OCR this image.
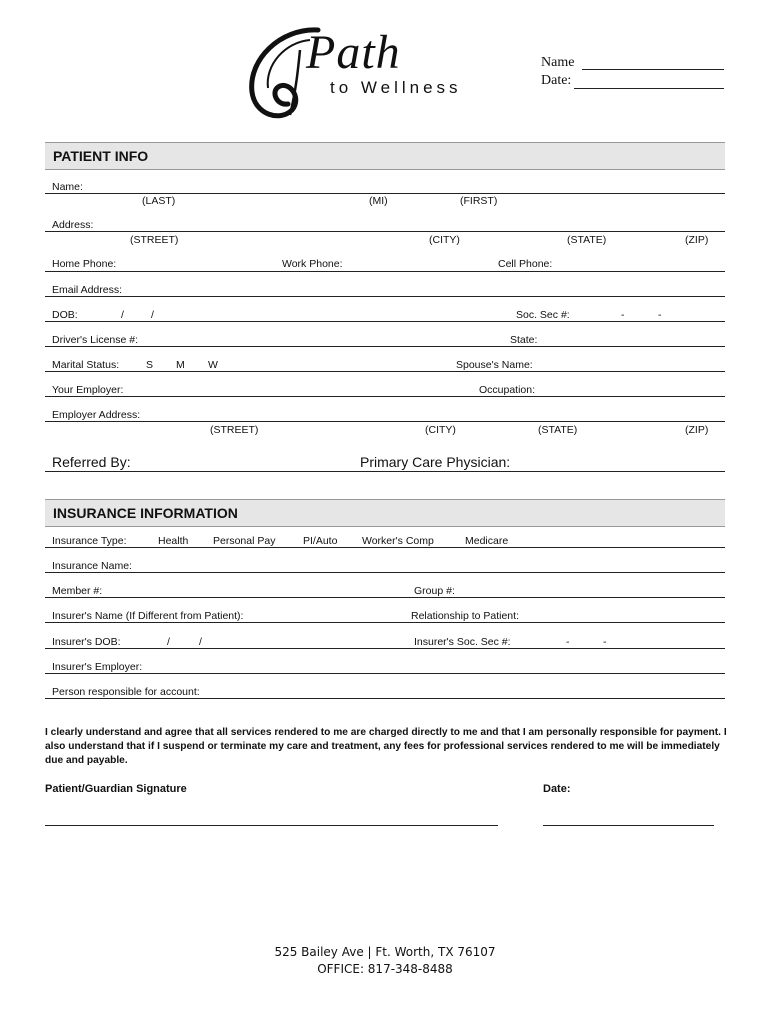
Path
to Wellness
Name
Date:
PATIENT INFO
Name:
(LAST)	(MI)	(FIRST)
Address:
(STREET)	(CITY)	(STATE)	(ZIP)
Home Phone:	Work Phone:	Cell Phone:
Email Address:
DOB:	/	/	Soc. Sec #:	-	-
Driver's License #:	State:
Marital Status:	S M W	Spouse's Name:
Your Employer:	Occupation:
Employer Address:
(STREET)	(CITY)	(STATE)	(ZIP)
Referred By:	Primary Care Physician:
INSURANCE INFORMATION
Insurance Type:	Health Personal Pay	PI/Auto Worker's Comp	Medicare
Insurance Name:
Member #:	Group #:
Insurer's Name (If Different from Patient):	Relationship to Patient:
Insurer's DOB:	/	/	Insurer's Soc. Sec #:	-	-
Insurer's Employer:
Person responsible for account:
I clearly understand and agree that all services rendered to me are charged directly to me and that I am personally responsible for payment. I also understand that if I suspend or terminate my care and treatment, any fees for professional services rendered to me will be immediately due and payable.
Patient/Guardian Signature	Date:
525 Bailey Ave | Ft. Worth, TX 76107
OFFICE: 817-348-8488
